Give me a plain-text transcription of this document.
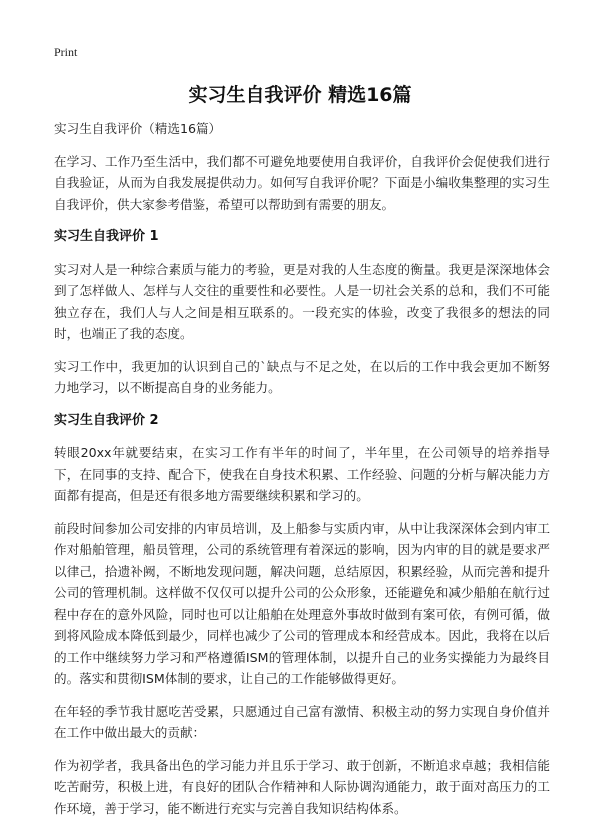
Print
实习生自我评价 精选16篇

实习生自我评价（精选16篇）

在学习、工作乃至生活中，我们都不可避免地要使用自我评价，自我评价会促使我们进行自我验证，从而为自我发展提供动力。如何写自我评价呢？下面是小编收集整理的实习生自我评价，供大家参考借鉴，希望可以帮助到有需要的朋友。

实习生自我评价 1

实习对人是一种综合素质与能力的考验，更是对我的人生态度的衡量。我更是深深地体会到了怎样做人、怎样与人交往的重要性和必要性。人是一切社会关系的总和，我们不可能独立存在，我们人与人之间是相互联系的。一段充实的体验，改变了我很多的想法的同时，也端正了我的态度。

实习工作中，我更加的认识到自己的`缺点与不足之处，在以后的工作中我会更加不断努力地学习，以不断提高自身的业务能力。

实习生自我评价 2

转眼20xx年就要结束，在实习工作有半年的时间了，半年里，在公司领导的培养指导下，在同事的支持、配合下，使我在自身技术积累、工作经验、问题的分析与解决能力方面都有提高，但是还有很多地方需要继续积累和学习的。

前段时间参加公司安排的内审员培训，及上船参与实质内审，从中让我深深体会到内审工作对船舶管理，船员管理，公司的系统管理有着深远的影响，因为内审的目的就是要求严以律己，拾遗补阙，不断地发现问题，解决问题，总结原因，积累经验，从而完善和提升公司的管理机制。这样做不仅仅可以提升公司的公众形象，还能避免和减少船舶在航行过程中存在的意外风险，同时也可以让船舶在处理意外事故时做到有案可依，有例可循，做到将风险成本降低到最少，同样也减少了公司的管理成本和经营成本。因此，我将在以后的工作中继续努力学习和严格遵循ISM的管理体制，以提升自己的业务实操能力为最终目的。落实和贯彻ISM体制的要求，让自己的工作能够做得更好。

在年轻的季节我甘愿吃苦受累，只愿通过自己富有激情、积极主动的努力实现自身价值并在工作中做出最大的贡献：

作为初学者，我具备出色的学习能力并且乐于学习、敢于创新，不断追求卓越；我相信能吃苦耐劳，积极上进，有良好的团队合作精神和人际协调沟通能力，敢于面对高压力的工作环境，善于学习，能不断进行充实与完善自我知识结构体系。
